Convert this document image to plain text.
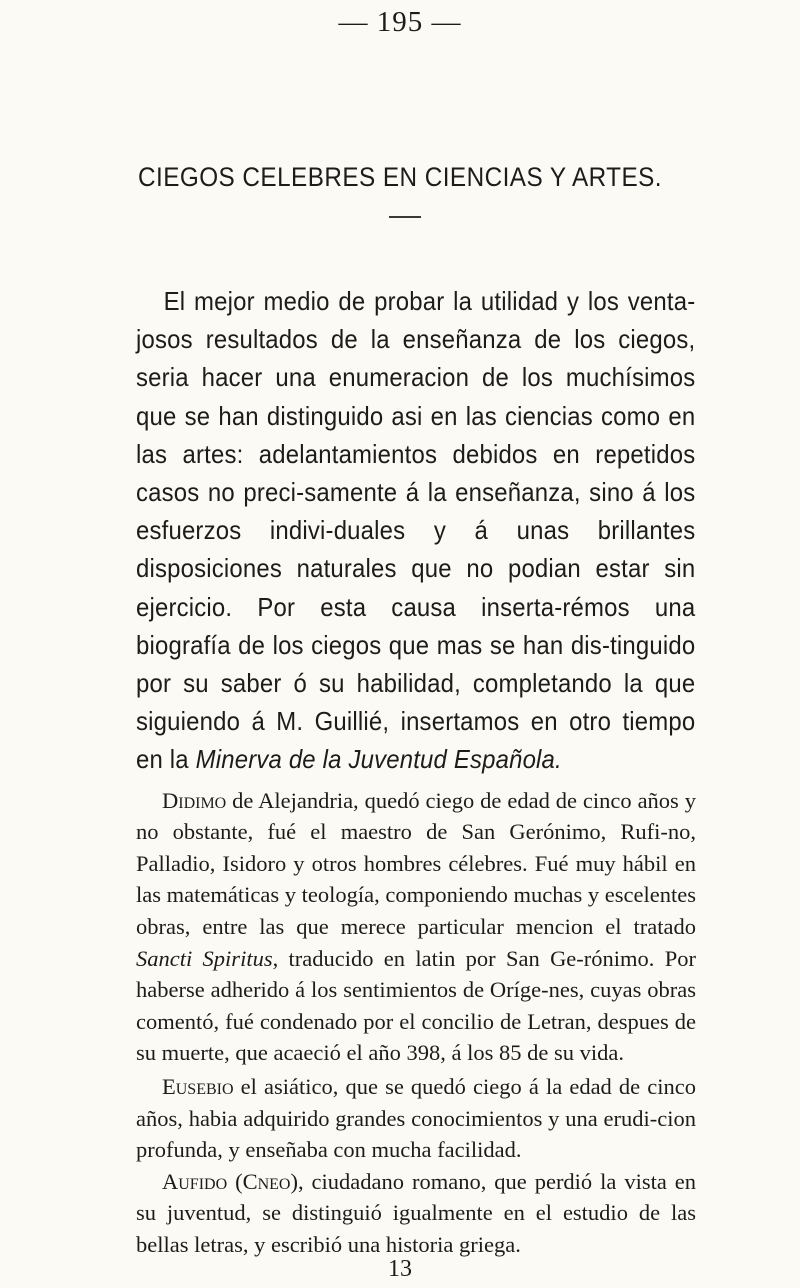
— 195 —
CIEGOS CELEBRES EN CIENCIAS Y ARTES.

El mejor medio de probar la utilidad y los venta-josos resultados de la enseñanza de los ciegos, seria hacer una enumeracion de los muchísimos que se han distinguido asi en las ciencias como en las artes: adelantamientos debidos en repetidos casos no preci-samente á la enseñanza, sino á los esfuerzos indivi-duales y á unas brillantes disposiciones naturales que no podian estar sin ejercicio. Por esta causa inserta-rémos una biografía de los ciegos que mas se han dis-tinguido por su saber ó su habilidad, completando la que siguiendo á M. Guillié, insertamos en otro tiempo en la Minerva de la Juventud Española.

Didimo de Alejandria, quedó ciego de edad de cinco años y no obstante, fué el maestro de San Gerónimo, Rufi-no, Palladio, Isidoro y otros hombres célebres. Fué muy hábil en las matemáticas y teología, componiendo muchas y escelentes obras, entre las que merece particular mencion el tratado Sancti Spiritus, traducido en latin por San Ge-rónimo. Por haberse adherido á los sentimientos de Oríge-nes, cuyas obras comentó, fué condenado por el concilio de Letran, despues de su muerte, que acaeció el año 398, á los 85 de su vida.

Eusebio el asiático, que se quedó ciego á la edad de cinco años, habia adquirido grandes conocimientos y una erudi-cion profunda, y enseñaba con mucha facilidad.

Aufido (Cneo), ciudadano romano, que perdió la vista en su juventud, se distinguió igualmente en el estudio de las bellas letras, y escribió una historia griega.

13
